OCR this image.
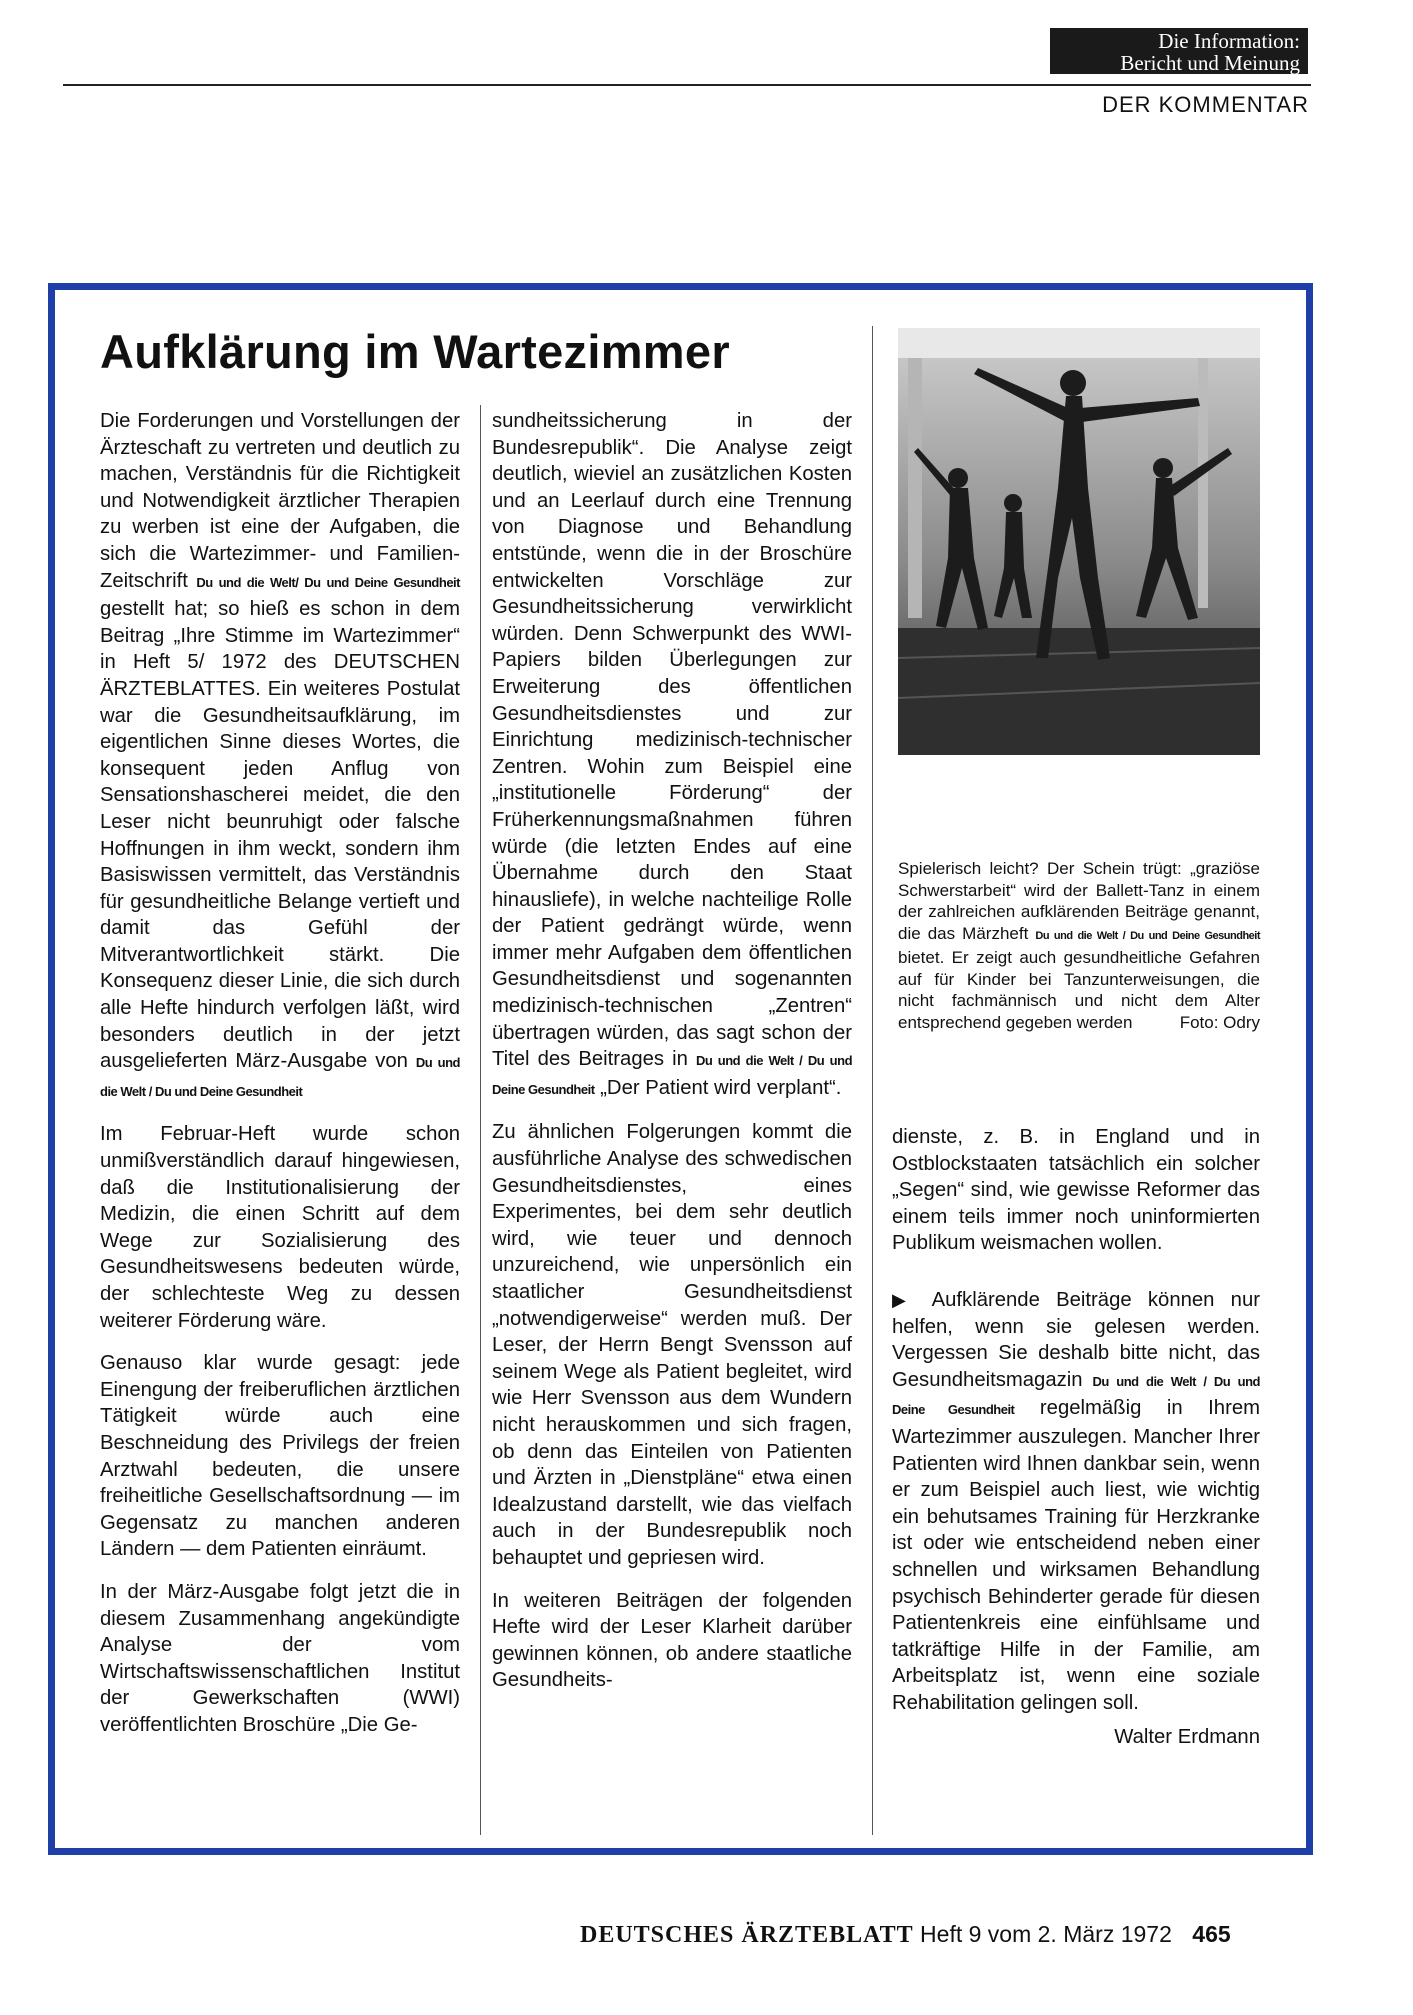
Die Information:
Bericht und Meinung
DER KOMMENTAR
Aufklärung im Wartezimmer

Die Forderungen und Vorstellungen der Ärzteschaft zu vertreten und deutlich zu machen, Verständnis für die Richtigkeit und Notwendigkeit ärztlicher Therapien zu werben ist eine der Aufgaben, die sich die Wartezimmer- und Familien-Zeitschrift Du und die Welt/ Du und Deine Gesundheit gestellt hat; so hieß es schon in dem Beitrag „Ihre Stimme im Wartezimmer“ in Heft 5/ 1972 des DEUTSCHEN ÄRZTEBLATTES. Ein weiteres Postulat war die Gesundheitsaufklärung, im eigentlichen Sinne dieses Wortes, die konsequent jeden Anflug von Sensationshascherei meidet, die den Leser nicht beunruhigt oder falsche Hoffnungen in ihm weckt, sondern ihm Basiswissen vermittelt, das Verständnis für gesundheitliche Belange vertieft und damit das Gefühl der Mitverantwortlichkeit stärkt. Die Konsequenz dieser Linie, die sich durch alle Hefte hindurch verfolgen läßt, wird besonders deutlich in der jetzt ausgelieferten März-Ausgabe von Du und die Welt / Du und Deine Gesundheit

Im Februar-Heft wurde schon unmißverständlich darauf hingewiesen, daß die Institutionalisierung der Medizin, die einen Schritt auf dem Wege zur Sozialisierung des Gesundheitswesens bedeuten würde, der schlechteste Weg zu dessen weiterer Förderung wäre.

Genauso klar wurde gesagt: jede Einengung der freiberuflichen ärztlichen Tätigkeit würde auch eine Beschneidung des Privilegs der freien Arztwahl bedeuten, die unsere freiheitliche Gesellschaftsordnung — im Gegensatz zu manchen anderen Ländern — dem Patienten einräumt.

In der März-Ausgabe folgt jetzt die in diesem Zusammenhang angekündigte Analyse der vom Wirtschaftswissenschaftlichen Institut der Gewerkschaften (WWI) veröffentlichten Broschüre „Die Ge-

sundheitssicherung in der Bundesrepublik“. Die Analyse zeigt deutlich, wieviel an zusätzlichen Kosten und an Leerlauf durch eine Trennung von Diagnose und Behandlung entstünde, wenn die in der Broschüre entwickelten Vorschläge zur Gesundheitssicherung verwirklicht würden. Denn Schwerpunkt des WWI-Papiers bilden Überlegungen zur Erweiterung des öffentlichen Gesundheitsdienstes und zur Einrichtung medizinisch-technischer Zentren. Wohin zum Beispiel eine „institutionelle Förderung“ der Früherkennungsmaßnahmen führen würde (die letzten Endes auf eine Übernahme durch den Staat hinausliefe), in welche nachteilige Rolle der Patient gedrängt würde, wenn immer mehr Aufgaben dem öffentlichen Gesundheitsdienst und sogenannten medizinisch-technischen „Zentren“ übertragen würden, das sagt schon der Titel des Beitrages in Du und die Welt / Du und Deine Gesundheit „Der Patient wird verplant“.

Zu ähnlichen Folgerungen kommt die ausführliche Analyse des schwedischen Gesundheitsdienstes, eines Experimentes, bei dem sehr deutlich wird, wie teuer und dennoch unzureichend, wie unpersönlich ein staatlicher Gesundheitsdienst „notwendigerweise“ werden muß. Der Leser, der Herrn Bengt Svensson auf seinem Wege als Patient begleitet, wird wie Herr Svensson aus dem Wundern nicht herauskommen und sich fragen, ob denn das Einteilen von Patienten und Ärzten in „Dienstpläne“ etwa einen Idealzustand darstellt, wie das vielfach auch in der Bundesrepublik noch behauptet und gepriesen wird.

In weiteren Beiträgen der folgenden Hefte wird der Leser Klarheit darüber gewinnen können, ob andere staatliche Gesundheits-

Spielerisch leicht? Der Schein trügt: „graziöse Schwerstarbeit“ wird der Ballett-Tanz in einem der zahlreichen aufklärenden Beiträge genannt, die das Märzheft Du und die Welt / Du und Deine Gesundheit bietet. Er zeigt auch gesundheitliche Gefahren auf für Kinder bei Tanzunterweisungen, die nicht fachmännisch und nicht dem Alter entsprechend gegeben werden	Foto: Odry

dienste, z. B. in England und in Ostblockstaaten tatsächlich ein solcher „Segen“ sind, wie gewisse Reformer das einem teils immer noch uninformierten Publikum weismachen wollen.

▶ Aufklärende Beiträge können nur helfen, wenn sie gelesen werden. Vergessen Sie deshalb bitte nicht, das Gesundheitsmagazin Du und die Welt / Du und Deine Gesundheit regelmäßig in Ihrem Wartezimmer auszulegen. Mancher Ihrer Patienten wird Ihnen dankbar sein, wenn er zum Beispiel auch liest, wie wichtig ein behutsames Training für Herzkranke ist oder wie entscheidend neben einer schnellen und wirksamen Behandlung psychisch Behinderter gerade für diesen Patientenkreis eine einfühlsame und tatkräftige Hilfe in der Familie, am Arbeitsplatz ist, wenn eine soziale Rehabilitation gelingen soll.

Walter Erdmann
DEUTSCHES ÄRZTEBLATT Heft 9 vom 2. März 1972 465
